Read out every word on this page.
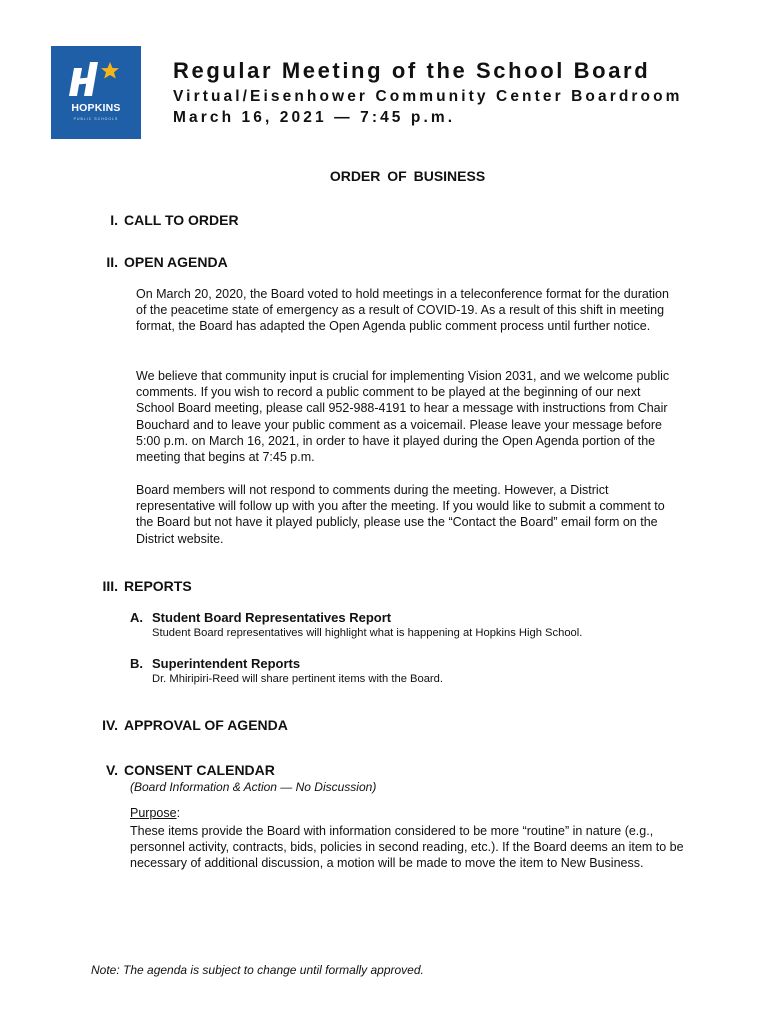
HOPKINS
PUBLIC SCHOOLS
Regular Meeting of the School Board
Virtual/Eisenhower Community Center Boardroom
March 16, 2021 — 7:45 p.m.
ORDER OF BUSINESS
I. CALL TO ORDER
II. OPEN AGENDA
On March 20, 2020, the Board voted to hold meetings in a teleconference format for the duration of the peacetime state of emergency as a result of COVID-19. As a result of this shift in meeting format, the Board has adapted the Open Agenda public comment process until further notice.
We believe that community input is crucial for implementing Vision 2031, and we welcome public comments. If you wish to record a public comment to be played at the beginning of our next School Board meeting, please call 952-988-4191 to hear a message with instructions from Chair Bouchard and to leave your public comment as a voicemail. Please leave your message before 5:00 p.m. on March 16, 2021, in order to have it played during the Open Agenda portion of the meeting that begins at 7:45 p.m.
Board members will not respond to comments during the meeting. However, a District representative will follow up with you after the meeting. If you would like to submit a comment to the Board but not have it played publicly, please use the “Contact the Board” email form on the District website.
III. REPORTS
A. Student Board Representatives Report
Student Board representatives will highlight what is happening at Hopkins High School.
B. Superintendent Reports
Dr. Mhiripiri-Reed will share pertinent items with the Board.
IV. APPROVAL OF AGENDA
V. CONSENT CALENDAR
(Board Information & Action — No Discussion)
Purpose:
These items provide the Board with information considered to be more “routine” in nature (e.g., personnel activity, contracts, bids, policies in second reading, etc.). If the Board deems an item to be necessary of additional discussion, a motion will be made to move the item to New Business.
Note: The agenda is subject to change until formally approved.
